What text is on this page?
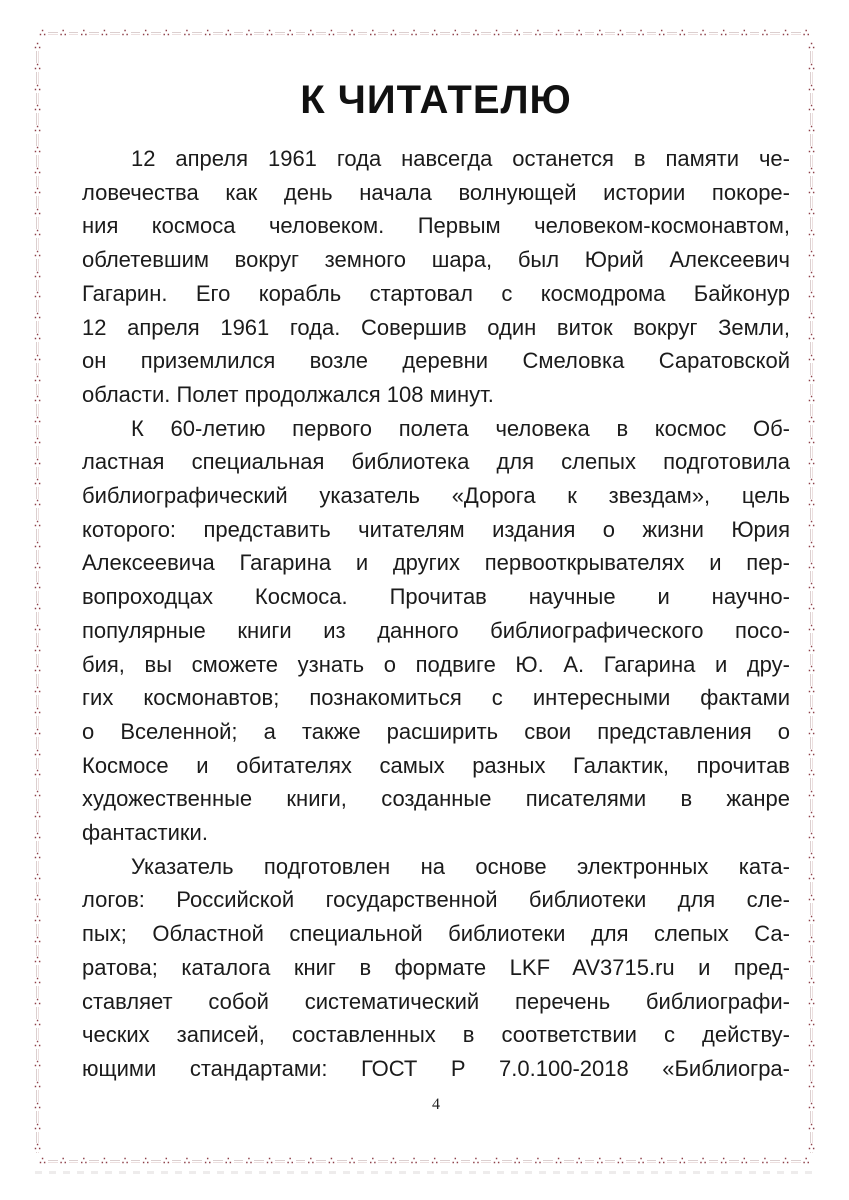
∴ ∴ ∴ ∴ ∴ ∴ ∴ ∴ ∴ ∴ ∴ ∴ ∴ ∴ ∴ ∴ ∴ ∴ ∴ ∴ ∴ ∴ ∴ ∴ ∴ ∴ ∴ ∴ ∴ ∴ ∴ ∴ ∴ ∴ ∴ ∴ ∴ ∴
∴ ∴ ∴ ∴ ∴ ∴ ∴ ∴ ∴ ∴ ∴ ∴ ∴ ∴ ∴ ∴ ∴ ∴ ∴ ∴ ∴ ∴ ∴ ∴ ∴ ∴ ∴ ∴ ∴ ∴ ∴ ∴ ∴ ∴ ∴ ∴ ∴ ∴
∴
∴
∴
∴
∴
∴
∴
∴
∴
∴
∴
∴
∴
∴
∴
∴
∴
∴
∴
∴
∴
∴
∴
∴
∴
∴
∴
∴
∴
∴
∴
∴
∴
∴
∴
∴
∴
∴
∴
∴
∴
∴
∴
∴
∴
∴
∴
∴
∴
∴
∴
∴
∴
∴
∴
∴
∴
∴
∴
∴
∴
∴
∴
∴
∴
∴
∴
∴
∴
∴
∴
∴
∴
∴
∴
∴
∴
∴
∴
∴
∴
∴
∴
∴
∴
∴
∴
∴
∴
∴
∴
∴
∴
∴
∴
∴
∴
∴
∴
∴
∴
∴
∴
∴
∴
∴
∴
∴
К ЧИТАТЕЛЮ
12 апреля 1961 года навсегда останется в памяти че-
ловечества как день начала волнующей истории покоре-
ния космоса человеком. Первым человеком-космонавтом,
облетевшим вокруг земного шара, был Юрий Алексеевич
Гагарин. Его корабль стартовал с космодрома Байконур
12 апреля 1961 года. Совершив один виток вокруг Земли,
он приземлился возле деревни Смеловка Саратовской
области. Полет продолжался 108 минут.
К 60-летию первого полета человека в космос Об-
ластная специальная библиотека для слепых подготовила
библиографический указатель «Дорога к звездам», цель
которого: представить читателям издания о жизни Юрия
Алексеевича Гагарина и других первооткрывателях и пер-
вопроходцах Космоса. Прочитав научные и научно-
популярные книги из данного библиографического посо-
бия, вы сможете узнать о подвиге Ю. А. Гагарина и дру-
гих космонавтов; познакомиться с интересными фактами
о Вселенной; а также расширить свои представления о
Космосе и обитателях самых разных Галактик, прочитав
художественные книги, созданные писателями в жанре
фантастики.
Указатель подготовлен на основе электронных ката-
логов: Российской государственной библиотеки для сле-
пых; Областной специальной библиотеки для слепых Са-
ратова; каталога книг в формате LKF AV3715.ru и пред-
ставляет собой систематический перечень библиографи-
ческих записей, составленных в соответствии с действу-
ющими стандартами: ГОСТ Р 7.0.100-2018 «Библиогра-
4
